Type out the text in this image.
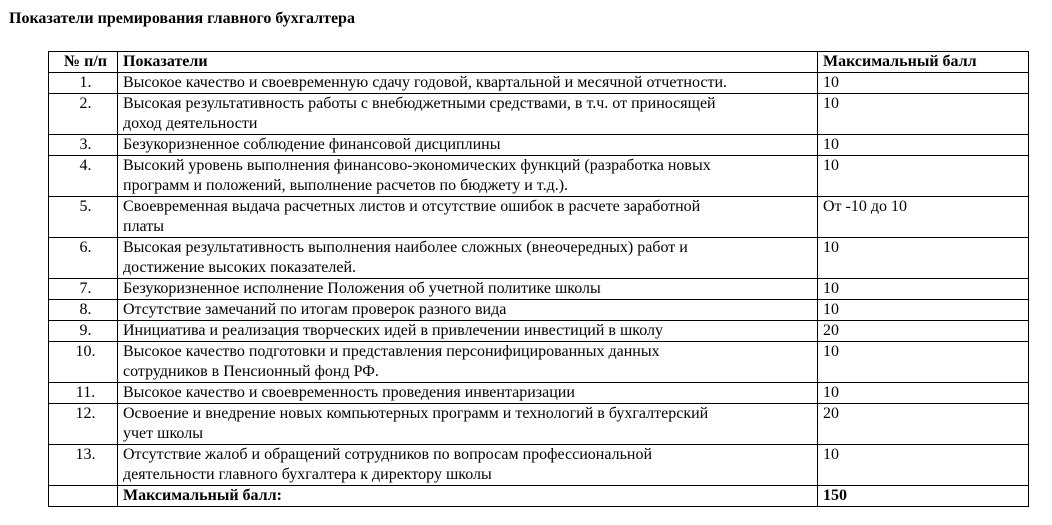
Показатели премирования главного бухгалтера
№ п/п	Показатели	Максимальный балл
1.	Высокое качество и своевременную сдачу годовой, квартальной и месячной отчетности.	10
2.	Высокая результативность работы с внебюджетными средствами, в т.ч. от приносящей
доход деятельности	10
3.	Безукоризненное соблюдение финансовой дисциплины	10
4.	Высокий уровень выполнения финансово-экономических функций (разработка новых
программ и положений, выполнение расчетов по бюджету и т.д.).	10
5.	Своевременная выдача расчетных листов и отсутствие ошибок в расчете заработной
платы	От -10 до 10
6.	Высокая результативность выполнения наиболее сложных (внеочередных) работ и
достижение высоких показателей.	10
7.	Безукоризненное исполнение Положения об учетной политике школы	10
8.	Отсутствие замечаний по итогам проверок разного вида	10
9.	Инициатива и реализация творческих идей в привлечении инвестиций в школу	20
10.	Высокое качество подготовки и представления персонифицированных данных
сотрудников в Пенсионный фонд РФ.	10
11.	Высокое качество и своевременность проведения инвентаризации	10
12.	Освоение и внедрение новых компьютерных программ и технологий в бухгалтерский
учет школы	20
13.	Отсутствие жалоб и обращений сотрудников по вопросам профессиональной
деятельности главного бухгалтера к директору школы	10
	Максимальный балл:	150
